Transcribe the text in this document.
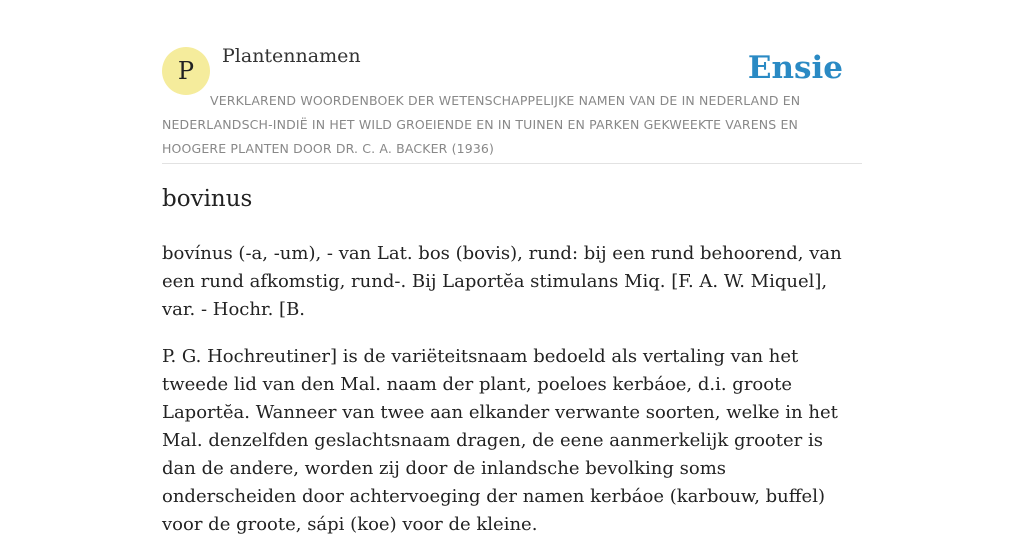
P
Plantennamen	Ensie
VERKLAREND WOORDENBOEK DER WETENSCHAPPELIJKE NAMEN VAN DE IN NEDERLAND EN NEDERLANDSCH-INDIË IN HET WILD GROEIENDE EN IN TUINEN EN PARKEN GEKWEEKTE VARENS EN HOOGERE PLANTEN DOOR DR. C. A. BACKER (1936)
bovinus

bovínus (-a, -um), - van Lat. bos (bovis), rund: bij een rund behoorend, van een rund afkomstig, rund-. Bij Laportĕa stimulans Miq. [F. A. W. Miquel], var. - Hochr. [B.

P. G. Hochreutiner] is de variëteitsnaam bedoeld als vertaling van het tweede lid van den Mal. naam der plant, poeloes kerbáoe, d.i. groote Laportĕa. Wanneer van twee aan elkander verwante soorten, welke in het Mal. denzelfden geslachtsnaam dragen, de eene aanmerkelijk grooter is dan de andere, worden zij door de inlandsche bevolking soms onderscheiden door achtervoeging der namen kerbáoe (karbouw, buffel) voor de groote, sápi (koe) voor de kleine.
